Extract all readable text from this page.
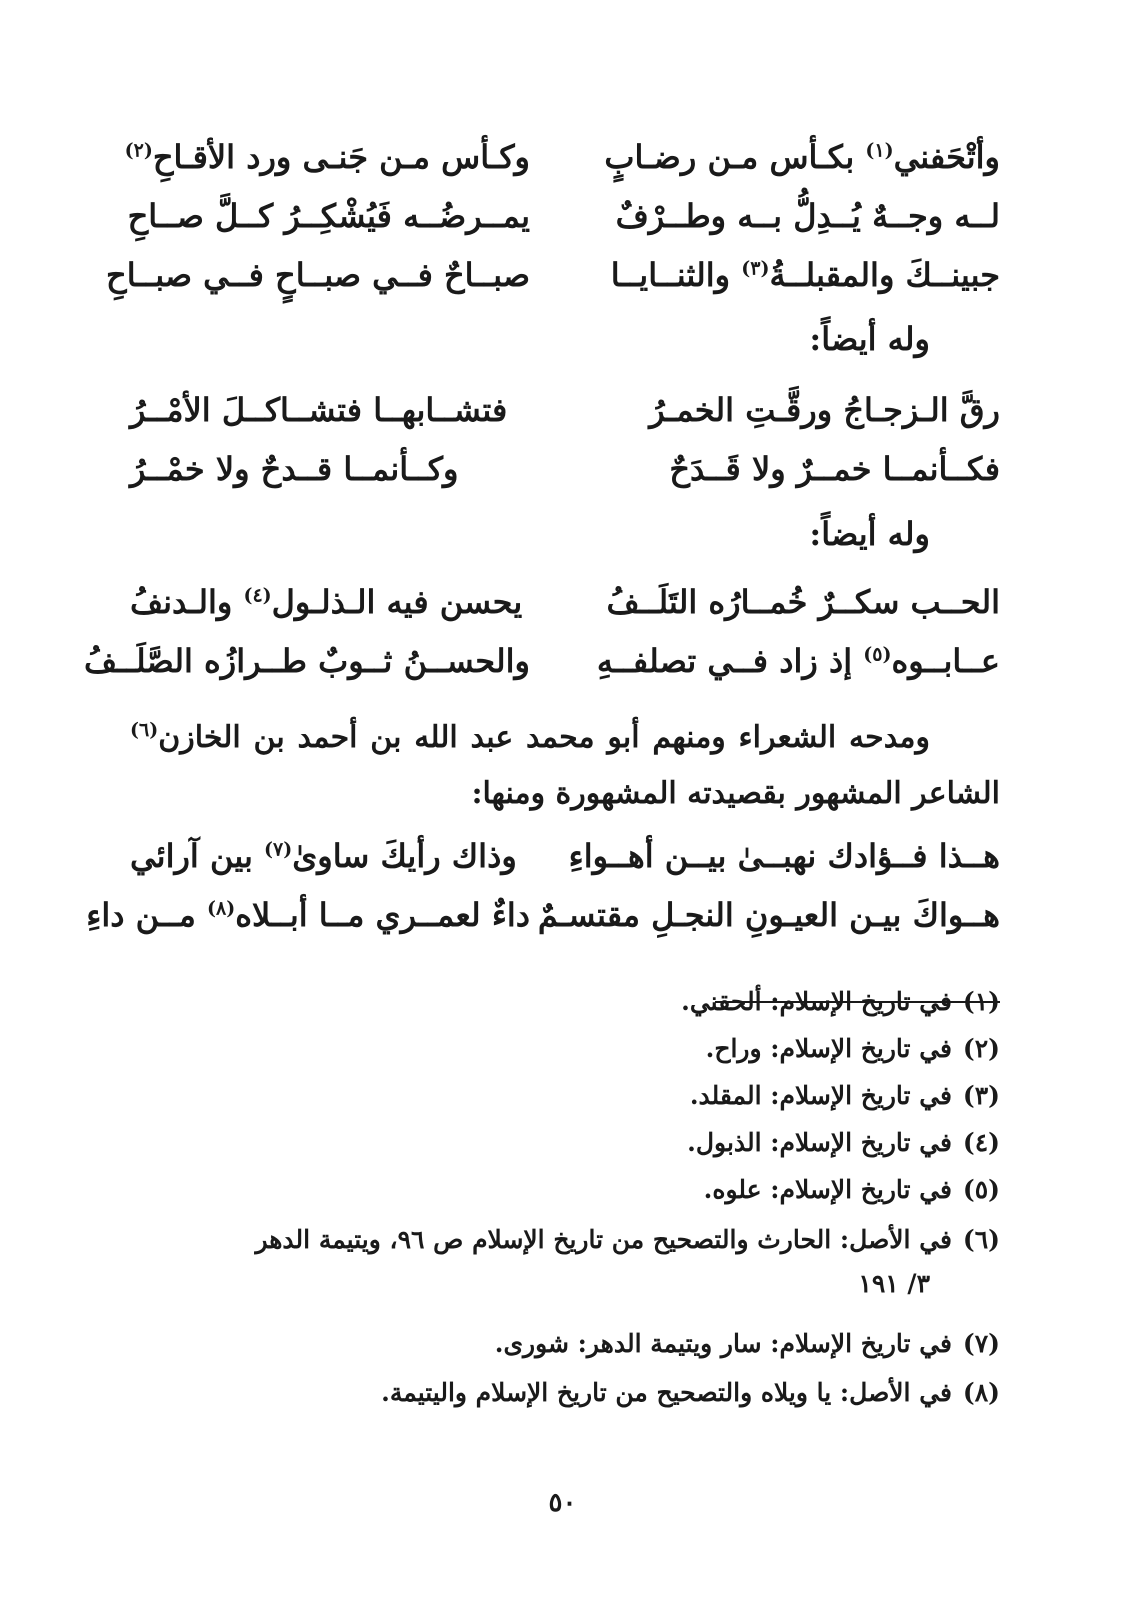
وأتْحَفني$^{(١)}$ بكـأس مـن رضـابٍ
وكـأس مـن جَنـى ورد الأقـاحِ$^{(٢)}$
لــه وجــهٌ يُــدِلُّ بــه وطــرْفٌ
يمــرضُــه فَيُشْكِــرُ كــلَّ صــاحِ
جبينــكَ والمقبلــةُ$^{(٣)}$ والثنــايــا
صبــاحٌ فــي صبــاحٍ فــي صبــاحِ
وله أيضاً:
رقَّ الـزجـاجُ ورقَّـتِ الخمـرُ
فتشــابهــا فتشــاكــلَ الأمْــرُ
فكــأنمــا خمــرٌ ولا قَــدَحٌ
وكــأنمــا قــدحٌ ولا خمْــرُ
وله أيضاً:
الحــب سكــرٌ خُمــارُه التَلَــفُ
يحسن فيه الـذلـول$^{(٤)}$ والـدنفُ
عــابــوه$^{(٥)}$ إذ زاد فــي تصلفــهِ
والحســنُ ثــوبٌ طــرازُه الصَّلَــفُ
ومدحه الشعراء ومنهم أبو محمد عبد الله بن أحمد بن الخازن$^{(٦)}$
الشاعر المشهور بقصيدته المشهورة ومنها:
هــذا فــؤادك نهبــىٰ بيــن أهــواءِ
وذاك رأيكَ ساوىٰ$^{(٧)}$ بين آرائي
هــواكَ بيـن العيـونِ النجـلِ مقتسـمٌ
داءٌ لعمــري مــا أبــلاه$^{(٨)}$ مــن داءِ
(١)في تاريخ الإسلام: ألحقني.
(٢)في تاريخ الإسلام: وراح.
(٣)في تاريخ الإسلام: المقلد.
(٤)في تاريخ الإسلام: الذبول.
(٥)في تاريخ الإسلام: علوه.
(٦)في الأصل: الحارث والتصحيح من تاريخ الإسلام ص ٩٦، ويتيمة الدهر
٣/ ١٩١
(٧)في تاريخ الإسلام: سار ويتيمة الدهر: شورى.
(٨)في الأصل: يا ويلاه والتصحيح من تاريخ الإسلام واليتيمة.
٥٠
